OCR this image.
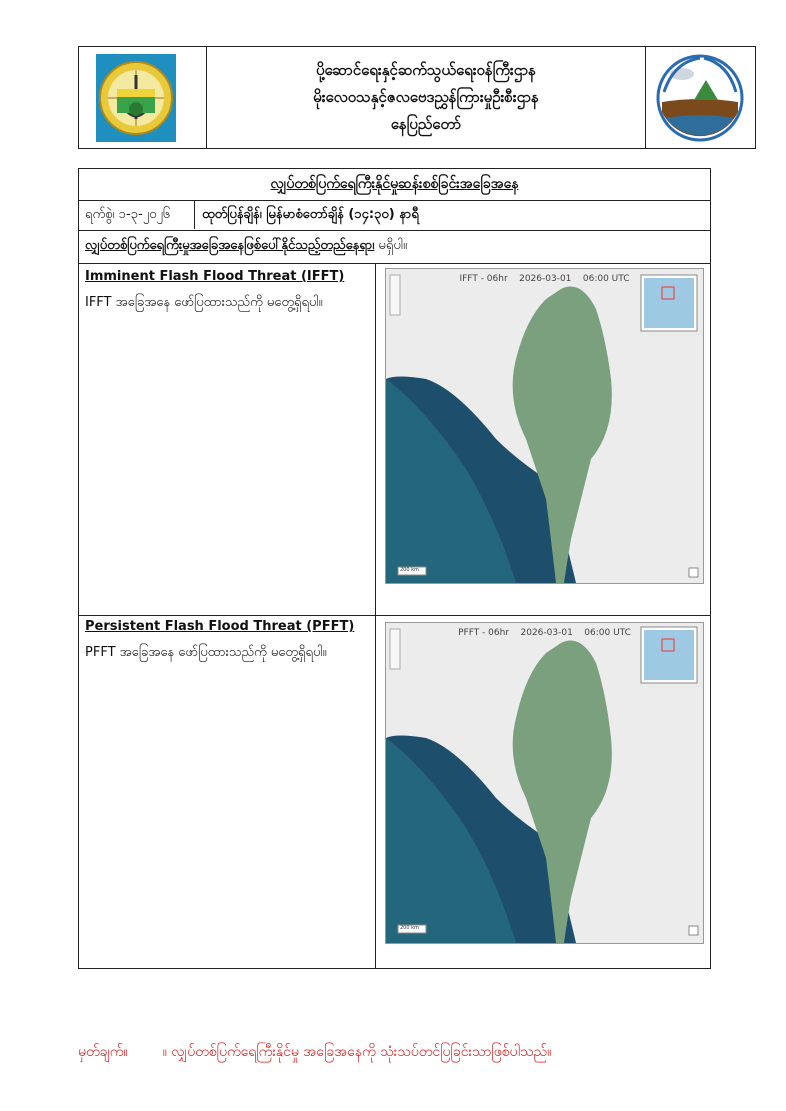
ပို့ဆောင်ရေးနှင့်ဆက်သွယ်ရေးဝန်ကြီးဌာန
မိုးလေဝသနှင့်ဇလဗေဒညွှန်ကြားမှုဦးစီးဌာန
နေပြည်တော်
လျှပ်တစ်ပြက်ရေကြီးနိုင်မှုဆန်းစစ်ခြင်းအခြေအနေ
ရက်စွဲ၊ ၁-၃-၂၀၂၆ ထုတ်ပြန်ချိန်၊ မြန်မာစံတော်ချိန် (၁၄:၃၀) နာရီ
လျှပ်တစ်ပြက်ရေကြီးမှုအခြေအနေဖြစ်ပေါ်နိုင်သည့်တည်နေရာ၊ မရှိပါ။
Imminent Flash Flood Threat (IFFT)
IFFT အခြေအနေ ဖော်ပြထားသည်ကို မတွေ့ရှိရပါ။
IFFT - 06hr 2026-03-01 06:00 UTC
200 km
Persistent Flash Flood Threat (PFFT)
PFFT အခြေအနေ ဖော်ပြထားသည်ကို မတွေ့ရှိရပါ။
PFFT - 06hr 2026-03-01 06:00 UTC
200 km
မှတ်ချက်။ ။ လျှပ်တစ်ပြက်ရေကြီးနိုင်မှု အခြေအနေကို သုံးသပ်တင်ပြခြင်းသာဖြစ်ပါသည်။
